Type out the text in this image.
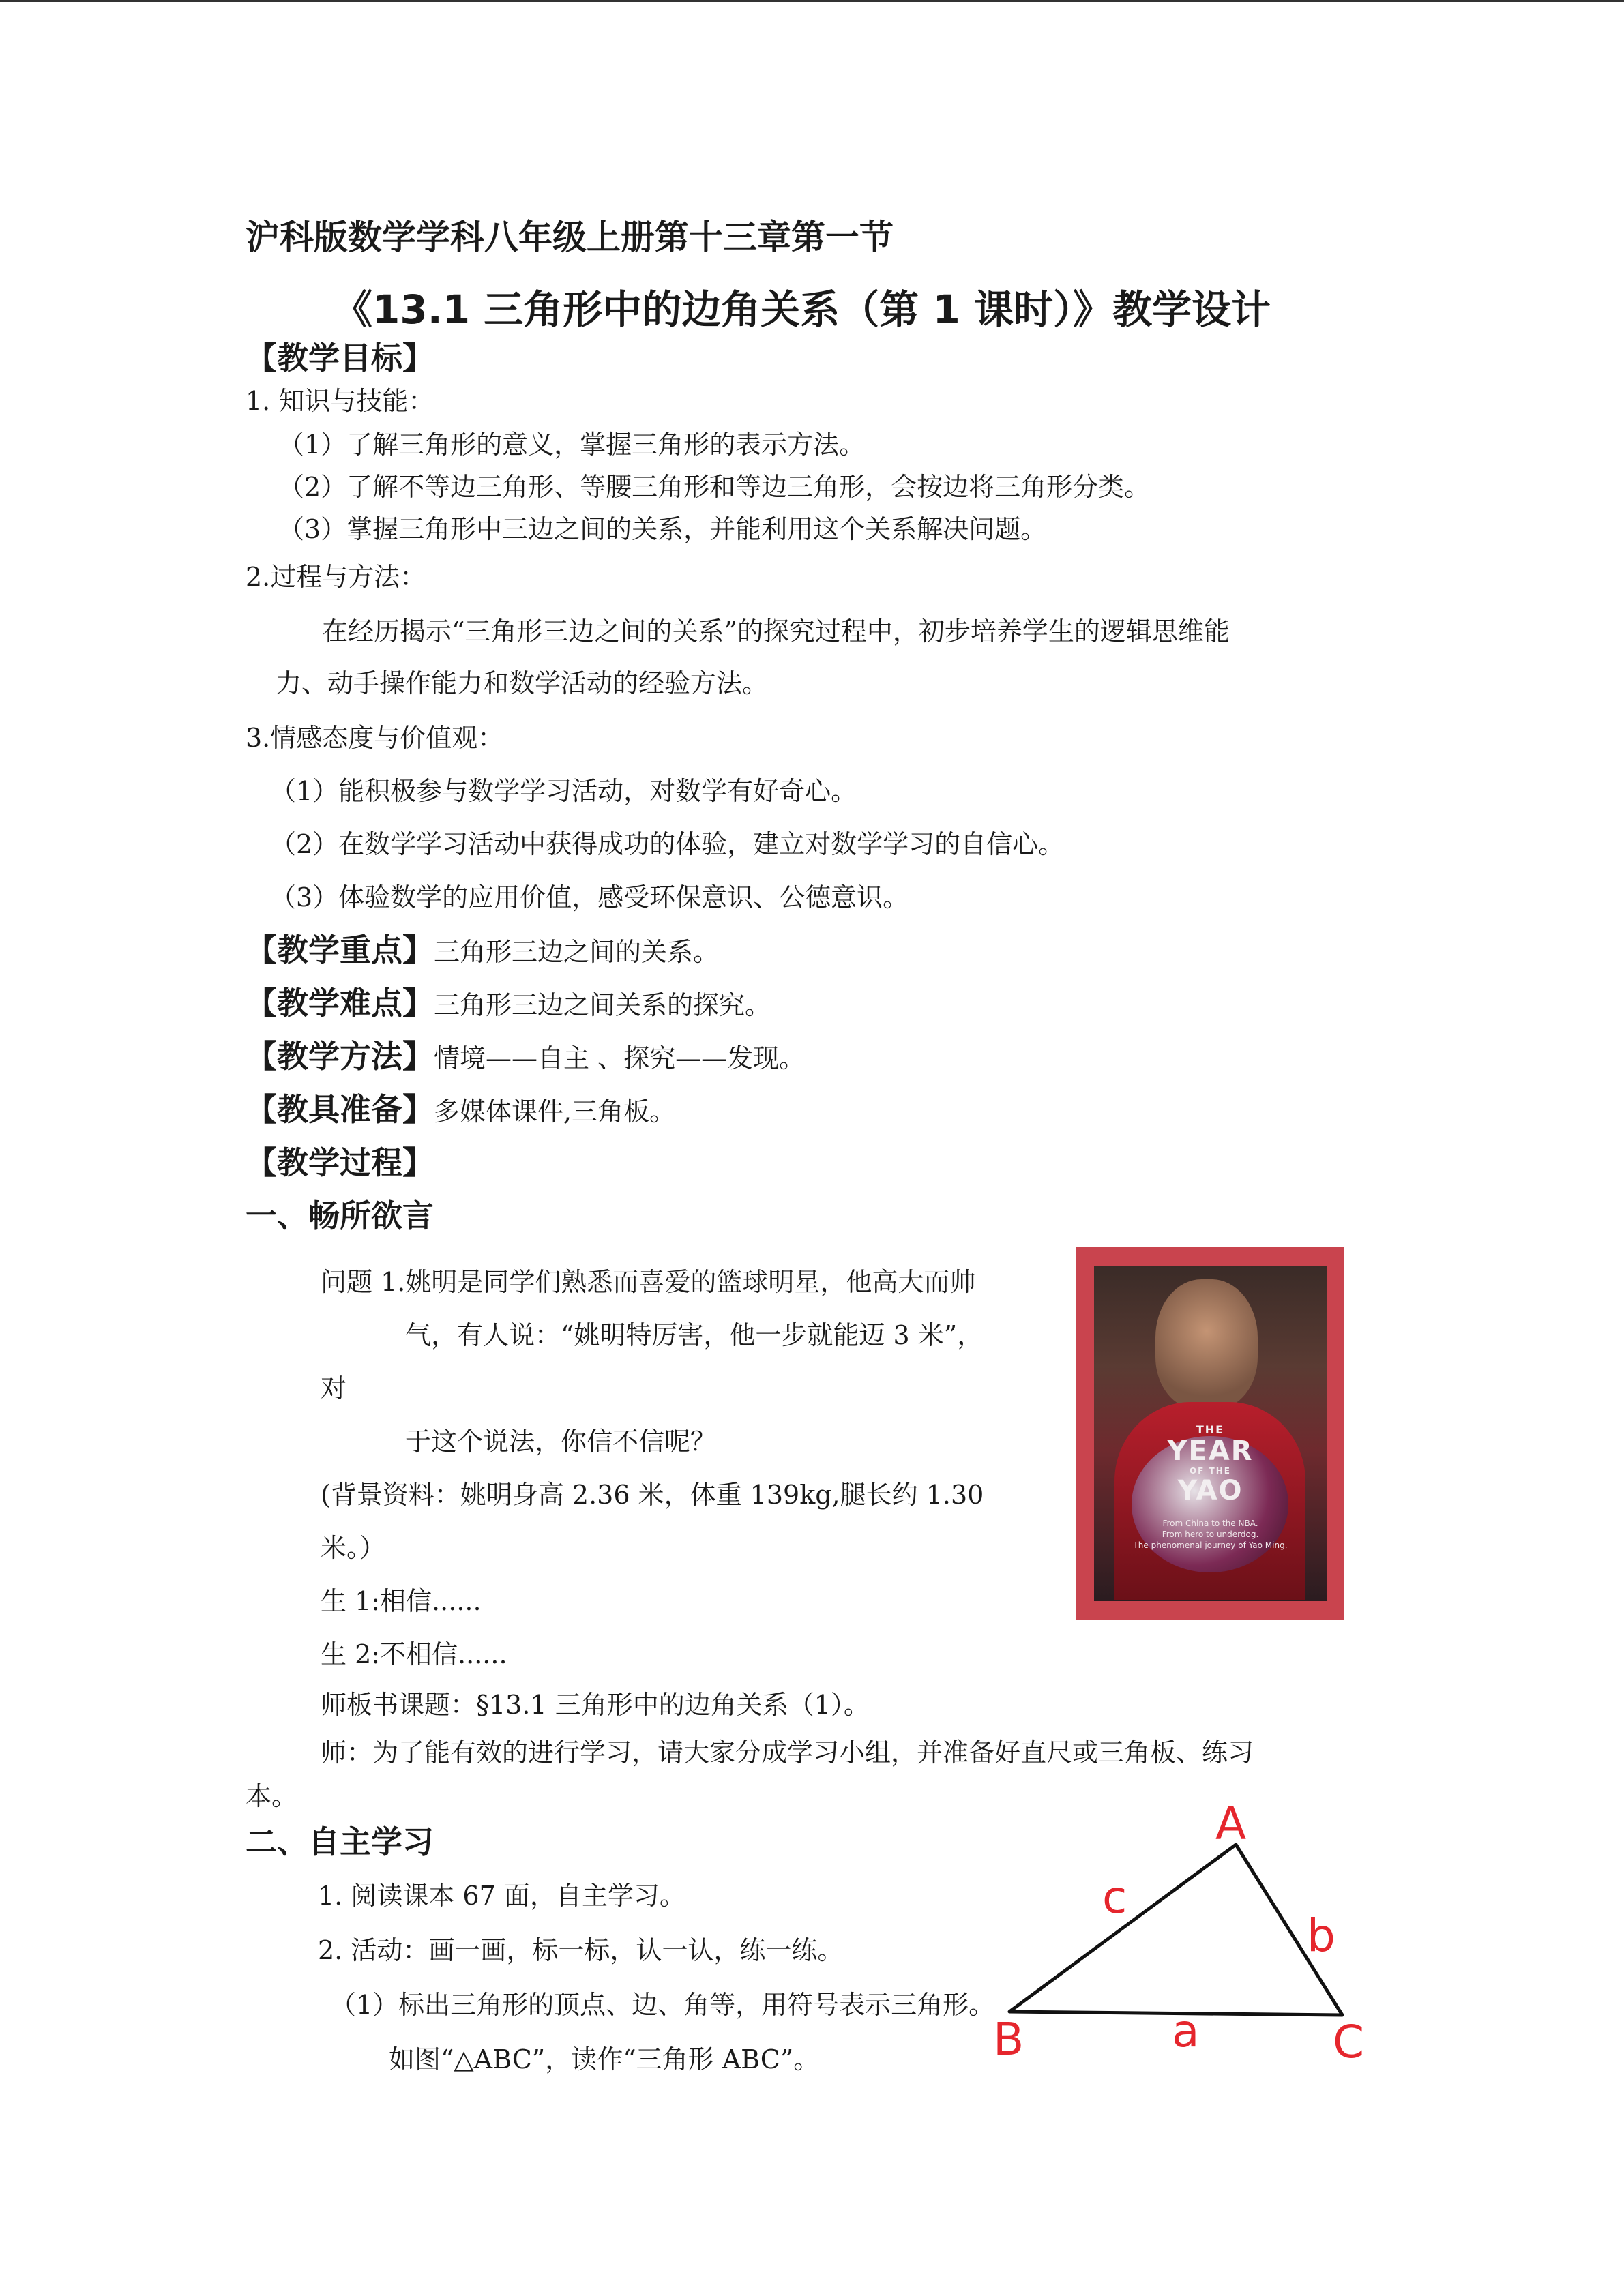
沪科版数学学科八年级上册第十三章第一节
《13.1 三角形中的边角关系（第 1 课时）》教学设计
【教学目标】
1. 知识与技能：
（1）了解三角形的意义，掌握三角形的表示方法。
（2）了解不等边三角形、等腰三角形和等边三角形，会按边将三角形分类。
（3）掌握三角形中三边之间的关系，并能利用这个关系解决问题。
2.过程与方法：
在经历揭示“三角形三边之间的关系”的探究过程中，初步培养学生的逻辑思维能
力、动手操作能力和数学活动的经验方法。
3.情感态度与价值观：
（1）能积极参与数学学习活动，对数学有好奇心。
（2）在数学学习活动中获得成功的体验，建立对数学学习的自信心。
（3）体验数学的应用价值，感受环保意识、公德意识。
【教学重点】三角形三边之间的关系。
【教学难点】三角形三边之间关系的探究。
【教学方法】情境——自主 、探究——发现。
【教具准备】多媒体课件,三角板。
【教学过程】
一、畅所欲言
问题 1.姚明是同学们熟悉而喜爱的篮球明星，他高大而帅
气，有人说：“姚明特厉害，他一步就能迈 3 米”，
对
于这个说法，你信不信呢？
(背景资料：姚明身高 2.36 米，体重 139kg,腿长约 1.30
米。）
生 1:相信......
生 2:不相信......
师板书课题：§13.1 三角形中的边角关系（1）。
师：为了能有效的进行学习，请大家分成学习小组，并准备好直尺或三角板、练习
本。
THE
YEAR
OF THE
YAO
From China to the NBA.
From hero to underdog.
The phenomenal journey of Yao Ming.
二、自主学习
1. 阅读课本 67 面，自主学习。
2. 活动：画一画，标一标，认一认，练一练。
（1）标出三角形的顶点、边、角等，用符号表示三角形。
如图“△ABC”，读作“三角形 ABC”。
A
B	C
a
b
c
